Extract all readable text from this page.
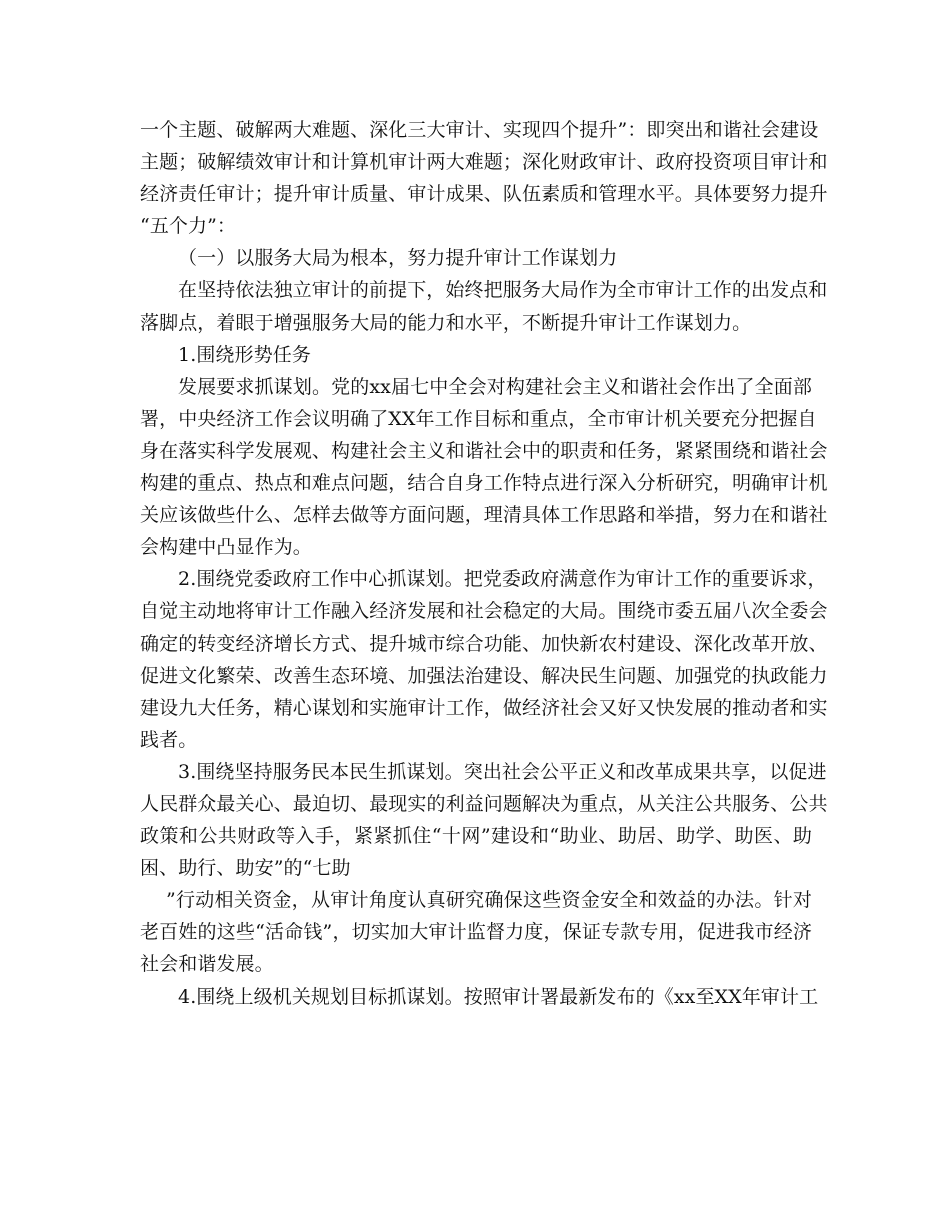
一个主题、破解两大难题、深化三大审计、实现四个提升”：即突出和谐社会建设
主题；破解绩效审计和计算机审计两大难题；深化财政审计、政府投资项目审计和
经济责任审计；提升审计质量、审计成果、队伍素质和管理水平。具体要努力提升
“五个力”：
（一）以服务大局为根本，努力提升审计工作谋划力
在坚持依法独立审计的前提下，始终把服务大局作为全市审计工作的出发点和
落脚点，着眼于增强服务大局的能力和水平，不断提升审计工作谋划力。
1.围绕形势任务
发展要求抓谋划。党的xx届七中全会对构建社会主义和谐社会作出了全面部
署，中央经济工作会议明确了XX年工作目标和重点，全市审计机关要充分把握自
身在落实科学发展观、构建社会主义和谐社会中的职责和任务，紧紧围绕和谐社会
构建的重点、热点和难点问题，结合自身工作特点进行深入分析研究，明确审计机
关应该做些什么、怎样去做等方面问题，理清具体工作思路和举措，努力在和谐社
会构建中凸显作为。
2.围绕党委政府工作中心抓谋划。把党委政府满意作为审计工作的重要诉求，
自觉主动地将审计工作融入经济发展和社会稳定的大局。围绕市委五届八次全委会
确定的转变经济增长方式、提升城市综合功能、加快新农村建设、深化改革开放、
促进文化繁荣、改善生态环境、加强法治建设、解决民生问题、加强党的执政能力
建设九大任务，精心谋划和实施审计工作，做经济社会又好又快发展的推动者和实
践者。
3.围绕坚持服务民本民生抓谋划。突出社会公平正义和改革成果共享，以促进
人民群众最关心、最迫切、最现实的利益问题解决为重点，从关注公共服务、公共
政策和公共财政等入手，紧紧抓住“十网”建设和“助业、助居、助学、助医、助
困、助行、助安”的“七助
”行动相关资金，从审计角度认真研究确保这些资金安全和效益的办法。针对
老百姓的这些“活命钱”，切实加大审计监督力度，保证专款专用，促进我市经济
社会和谐发展。
4.围绕上级机关规划目标抓谋划。按照审计署最新发布的《xx至XX年审计工
